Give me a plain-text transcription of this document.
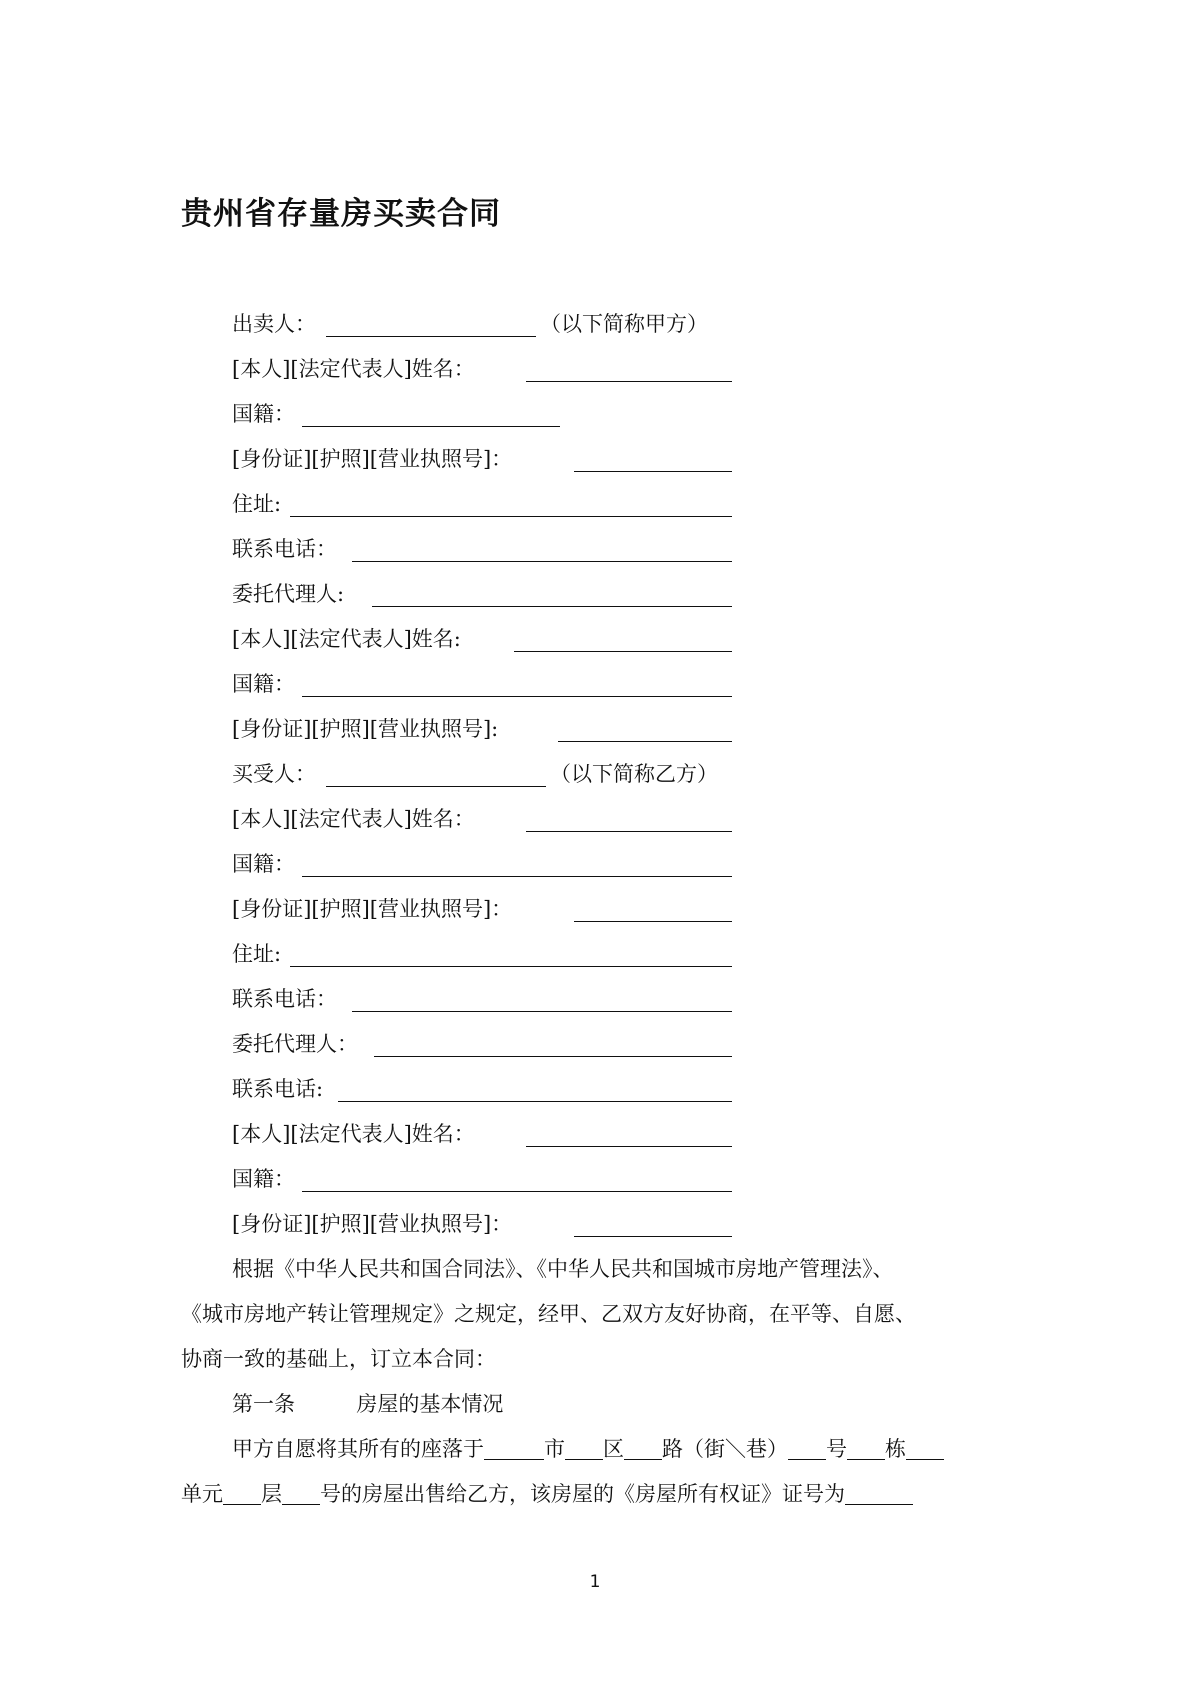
贵州省存量房买卖合同
出卖人：	（以下简称甲方）
[本人][法定代表人]姓名：
国籍：
[身份证][护照][营业执照号]：
住址:
联系电话：
委托代理人:
[本人][法定代表人]姓名:
国籍：
[身份证][护照][营业执照号]:
买受人：	（以下简称乙方）
[本人][法定代表人]姓名：
国籍：
[身份证][护照][营业执照号]：
住址:
联系电话：
委托代理人：
联系电话:
[本人][法定代表人]姓名：
国籍：
[身份证][护照][营业执照号]：
根据《中华人民共和国合同法》、《中华人民共和国城市房地产管理法》、
《城市房地产转让管理规定》之规定，经甲、乙双方友好协商，在平等、自愿、
协商一致的基础上，订立本合同：
第一条	房屋的基本情况
甲方自愿将其所有的座落于	市 区 路（街＼巷） 号 栋
单元 层 号的房屋出售给乙方，该房屋的《房屋所有权证》证号为
1
